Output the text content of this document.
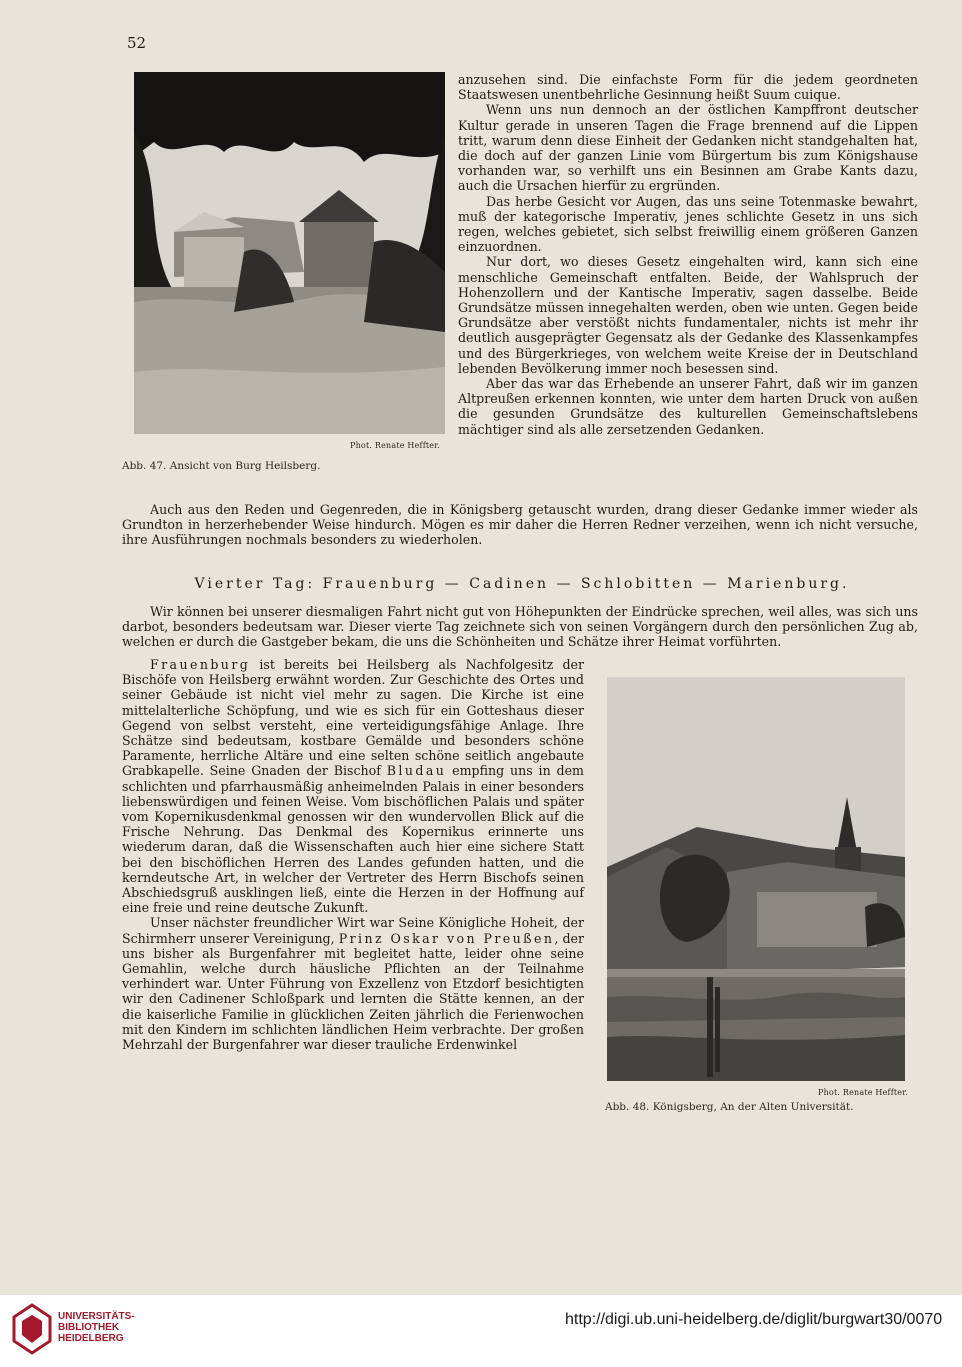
52
Phot. Renate Heffter.
Abb. 47. Ansicht von Burg Heilsberg.

anzusehen sind. Die einfachste Form für die jedem geordneten Staatswesen unentbehrliche Gesinnung heißt Suum cuique.

Wenn uns nun dennoch an der östlichen Kampffront deutscher Kultur gerade in unseren Tagen die Frage brennend auf die Lippen tritt, warum denn diese Einheit der Gedanken nicht standgehalten hat, die doch auf der ganzen Linie vom Bürgertum bis zum Königshause vorhanden war, so verhilft uns ein Besinnen am Grabe Kants dazu, auch die Ursachen hierfür zu ergründen.

Das herbe Gesicht vor Augen, das uns seine Totenmaske bewahrt, muß der kategorische Imperativ, jenes schlichte Gesetz in uns sich regen, welches gebietet, sich selbst freiwillig einem größeren Ganzen einzuordnen.

Nur dort, wo dieses Gesetz eingehalten wird, kann sich eine menschliche Gemeinschaft entfalten. Beide, der Wahlspruch der Hohenzollern und der Kantische Imperativ, sagen dasselbe. Beide Grundsätze müssen innegehalten werden, oben wie unten. Gegen beide Grundsätze aber verstößt nichts fundamentaler, nichts ist mehr ihr deutlich ausgeprägter Gegensatz als der Gedanke des Klassenkampfes und des Bürgerkrieges, von welchem weite Kreise der in Deutschland lebenden Bevölkerung immer noch besessen sind.

Aber das war das Erhebende an unserer Fahrt, daß wir im ganzen Altpreußen erkennen konnten, wie unter dem harten Druck von außen die gesunden Grundsätze des kulturellen Gemeinschaftslebens mächtiger sind als alle zersetzenden Gedanken.

Auch aus den Reden und Gegenreden, die in Königsberg getauscht wurden, drang dieser Gedanke immer wieder als Grundton in herzerhebender Weise hindurch. Mögen es mir daher die Herren Redner verzeihen, wenn ich nicht versuche, ihre Ausführungen nochmals besonders zu wiederholen.

Vierter Tag: Frauenburg — Cadinen — Schlobitten — Marienburg.

Wir können bei unserer diesmaligen Fahrt nicht gut von Höhepunkten der Eindrücke sprechen, weil alles, was sich uns darbot, besonders bedeutsam war. Dieser vierte Tag zeichnete sich von seinen Vorgängern durch den persönlichen Zug ab, welchen er durch die Gastgeber bekam, die uns die Schönheiten und Schätze ihrer Heimat vorführten.

Frauenburg ist bereits bei Heilsberg als Nachfolgesitz der Bischöfe von Heilsberg erwähnt worden. Zur Geschichte des Ortes und seiner Gebäude ist nicht viel mehr zu sagen. Die Kirche ist eine mittelalterliche Schöpfung, und wie es sich für ein Gotteshaus dieser Gegend von selbst versteht, eine verteidigungsfähige Anlage. Ihre Schätze sind bedeutsam, kostbare Gemälde und besonders schöne Paramente, herrliche Altäre und eine selten schöne seitlich angebaute Grabkapelle. Seine Gnaden der Bischof Bludau empfing uns in dem schlichten und pfarrhausmäßig anheimelnden Palais in einer besonders liebenswürdigen und feinen Weise. Vom bischöflichen Palais und später vom Kopernikusdenkmal genossen wir den wundervollen Blick auf die Frische Nehrung. Das Denkmal des Kopernikus erinnerte uns wiederum daran, daß die Wissenschaften auch hier eine sichere Statt bei den bischöflichen Herren des Landes gefunden hatten, und die kerndeutsche Art, in welcher der Vertreter des Herrn Bischofs seinen Abschiedsgruß ausklingen ließ, einte die Herzen in der Hoffnung auf eine freie und reine deutsche Zukunft.

Unser nächster freundlicher Wirt war Seine Königliche Hoheit, der Schirmherr unserer Vereinigung, Prinz Oskar von Preußen, der uns bisher als Burgenfahrer mit begleitet hatte, leider ohne seine Gemahlin, welche durch häusliche Pflichten an der Teilnahme verhindert war. Unter Führung von Exzellenz von Etzdorf besichtigten wir den Cadinener Schloßpark und lernten die Stätte kennen, an der die kaiserliche Familie in glücklichen Zeiten jährlich die Ferienwochen mit den Kindern im schlichten ländlichen Heim verbrachte. Der großen Mehrzahl der Burgenfahrer war dieser trauliche Erdenwinkel

Phot. Renate Heffter.
Abb. 48. Königsberg, An der Alten Universität.
UNIVERSITÄTS-
BIBLIOTHEK
HEIDELBERG
http://digi.ub.uni-heidelberg.de/diglit/burgwart30/0070
